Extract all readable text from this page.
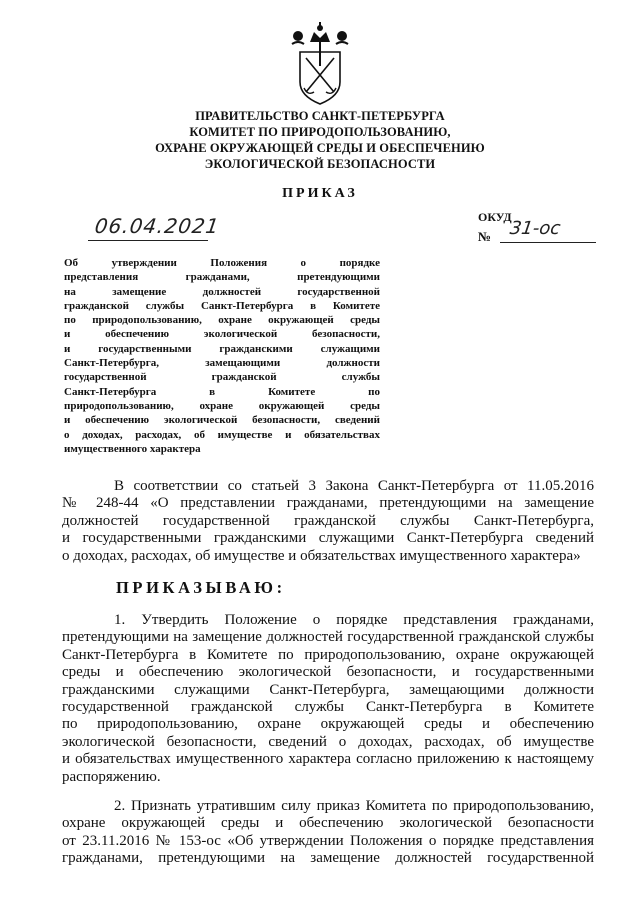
ПРАВИТЕЛЬСТВО САНКТ-ПЕТЕРБУРГА
КОМИТЕТ ПО ПРИРОДОПОЛЬЗОВАНИЮ,
ОХРАНЕ ОКРУЖАЮЩЕЙ СРЕДЫ И ОБЕСПЕЧЕНИЮ
ЭКОЛОГИЧЕСКОЙ БЕЗОПАСНОСТИ
ПРИКАЗ
06.04.2021	ОКУД
№ 31-ос
Об утверждении Положения о порядке
представления гражданами, претендующими
на замещение должностей государственной
гражданской службы Санкт-Петербурга в Комитете
по природопользованию, охране окружающей среды
и обеспечению экологической безопасности,
и государственными гражданскими служащими
Санкт-Петербурга, замещающими должности
государственной гражданской службы
Санкт-Петербурга в Комитете по
природопользованию, охране окружающей среды
и обеспечению экологической безопасности, сведений
о доходах, расходах, об имуществе и обязательствах
имущественного характера
В соответствии со статьей 3 Закона Санкт-Петербурга от 11.05.2016
№ 248-44 «О представлении гражданами, претендующими на замещение
должностей государственной гражданской службы Санкт-Петербурга,
и государственными гражданскими служащими Санкт-Петербурга сведений
о доходах, расходах, об имуществе и обязательствах имущественного характера»
ПРИКАЗЫВАЮ:
1. Утвердить Положение о порядке представления гражданами,
претендующими на замещение должностей государственной гражданской службы
Санкт-Петербурга в Комитете по природопользованию, охране окружающей
среды и обеспечению экологической безопасности, и государственными
гражданскими служащими Санкт-Петербурга, замещающими должности
государственной гражданской службы Санкт-Петербурга в Комитете
по природопользованию, охране окружающей среды и обеспечению
экологической безопасности, сведений о доходах, расходах, об имуществе
и обязательствах имущественного характера согласно приложению к настоящему
распоряжению.
2. Признать утратившим силу приказ Комитета по природопользованию,
охране окружающей среды и обеспечению экологической безопасности
от 23.11.2016 № 153-ос «Об утверждении Положения о порядке представления
гражданами, претендующими на замещение должностей государственной
